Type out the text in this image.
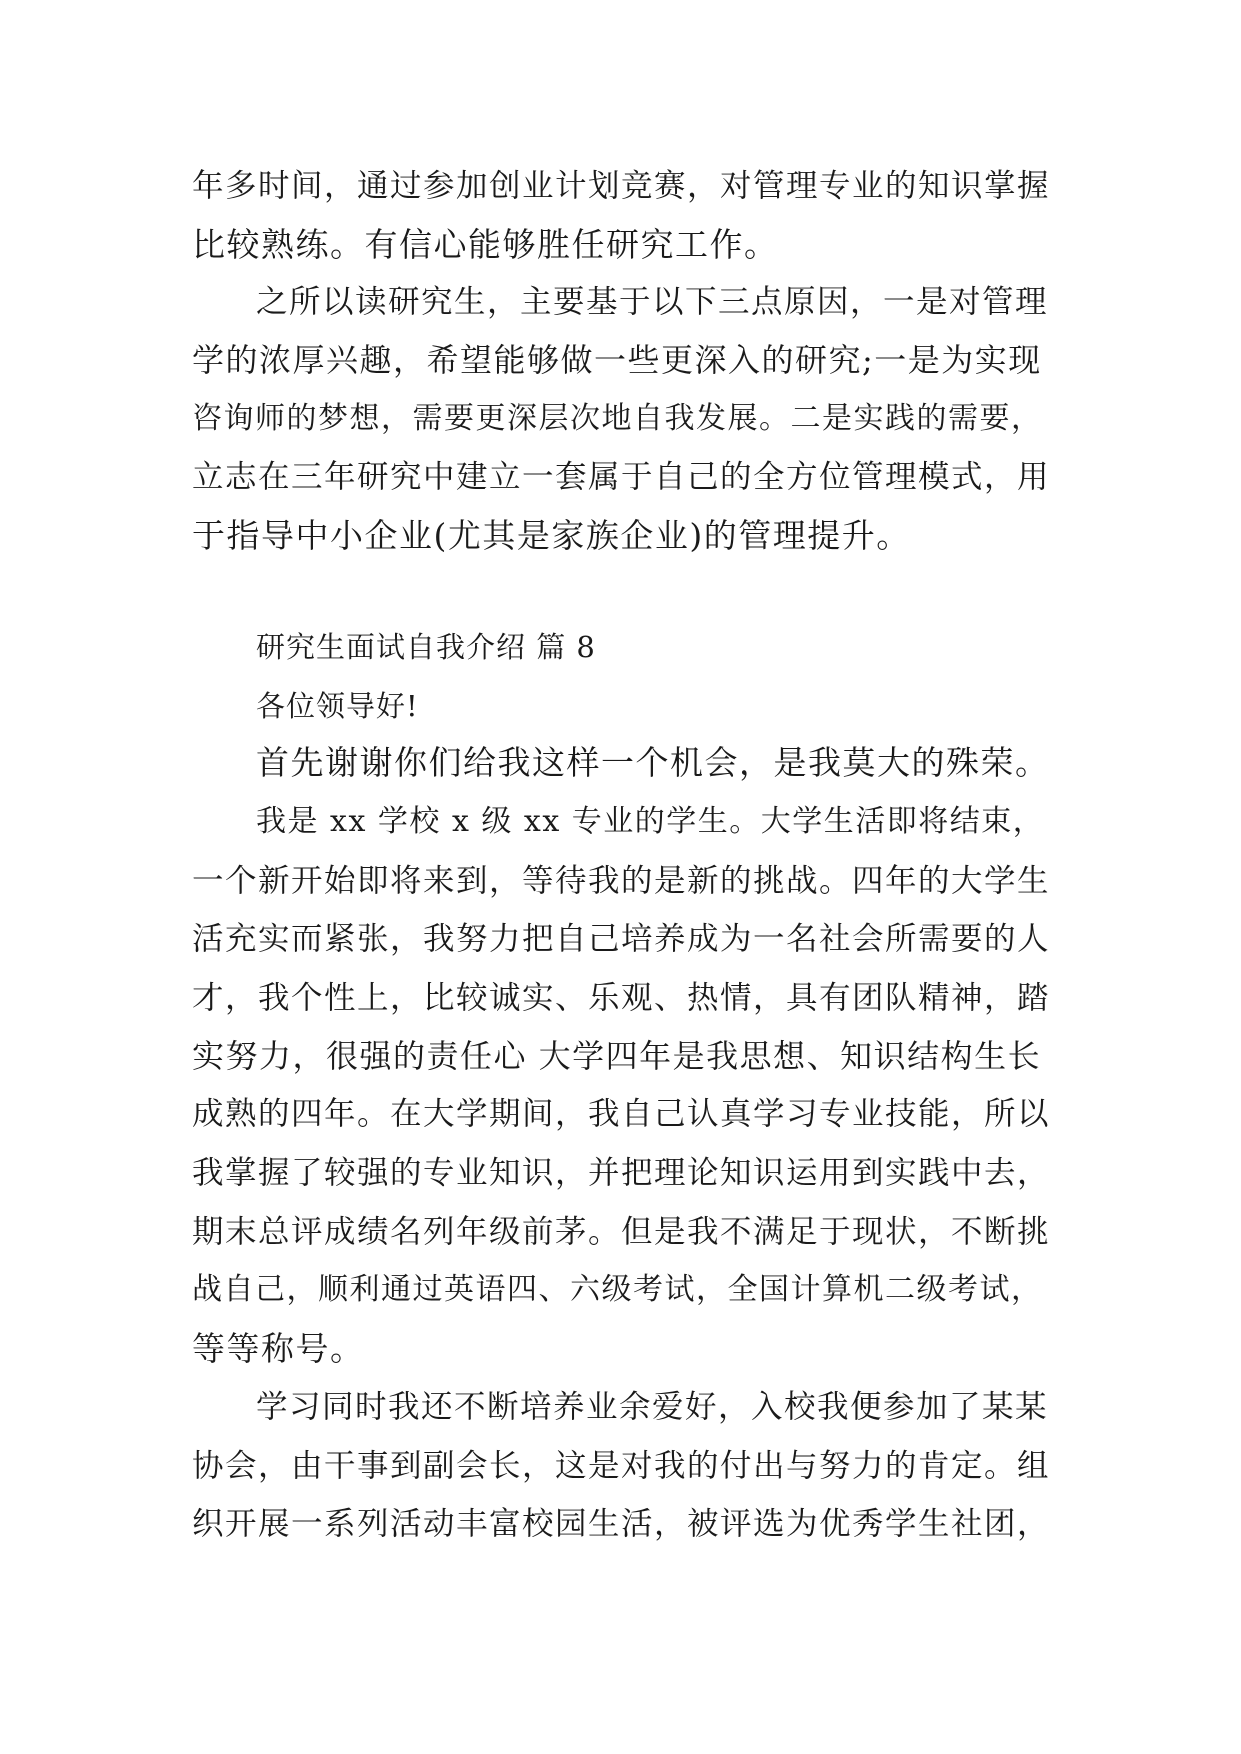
年多时间，通过参加创业计划竞赛，对管理专业的知识掌握
比较熟练。有信心能够胜任研究工作。
之所以读研究生，主要基于以下三点原因，一是对管理
学的浓厚兴趣，希望能够做一些更深入的研究;一是为实现
咨询师的梦想，需要更深层次地自我发展。二是实践的需要，
立志在三年研究中建立一套属于自己的全方位管理模式，用
于指导中小企业(尤其是家族企业)的管理提升。
研究生面试自我介绍 篇 8
各位领导好!
首先谢谢你们给我这样一个机会，是我莫大的殊荣。
我是 xx 学校 x 级 xx 专业的学生。大学生活即将结束，
一个新开始即将来到，等待我的是新的挑战。四年的大学生
活充实而紧张，我努力把自己培养成为一名社会所需要的人
才，我个性上，比较诚实、乐观、热情，具有团队精神，踏
实努力，很强的责任心 大学四年是我思想、知识结构生长
成熟的四年。在大学期间，我自己认真学习专业技能，所以
我掌握了较强的专业知识，并把理论知识运用到实践中去，
期末总评成绩名列年级前茅。但是我不满足于现状，不断挑
战自己，顺利通过英语四、六级考试，全国计算机二级考试，
等等称号。
学习同时我还不断培养业余爱好，入校我便参加了某某
协会，由干事到副会长，这是对我的付出与努力的肯定。组
织开展一系列活动丰富校园生活，被评选为优秀学生社团，
